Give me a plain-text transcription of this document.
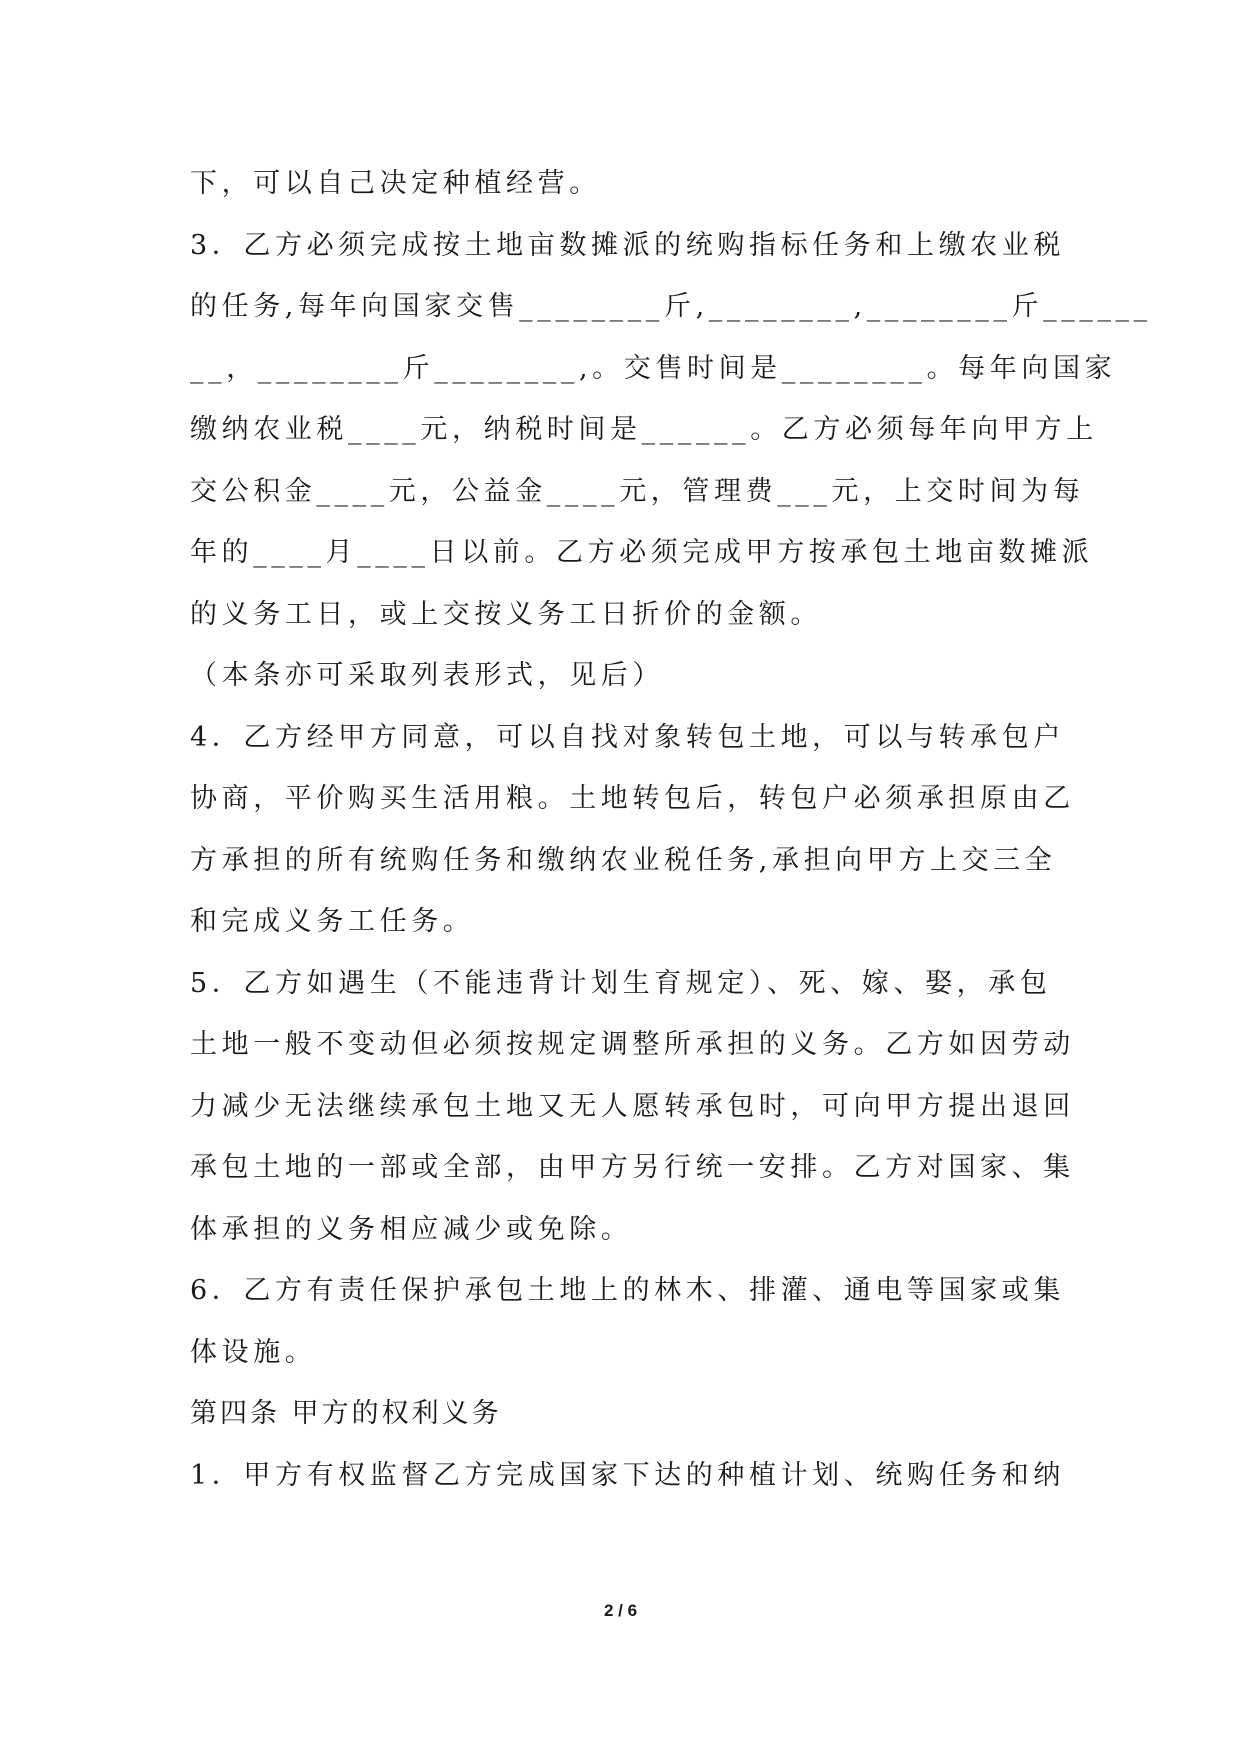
下，可以自己决定种植经营。
3．乙方必须完成按土地亩数摊派的统购指标任务和上缴农业税
的任务,每年向国家交售________斤,________,________斤______
__，________斤________,。交售时间是________。每年向国家
缴纳农业税____元，纳税时间是______。乙方必须每年向甲方上
交公积金____元，公益金____元，管理费___元，上交时间为每
年的____月____日以前。乙方必须完成甲方按承包土地亩数摊派
的义务工日，或上交按义务工日折价的金额。
（本条亦可采取列表形式，见后）
4．乙方经甲方同意，可以自找对象转包土地，可以与转承包户
协商，平价购买生活用粮。土地转包后，转包户必须承担原由乙
方承担的所有统购任务和缴纳农业税任务,承担向甲方上交三全
和完成义务工任务。
5．乙方如遇生（不能违背计划生育规定）、死、嫁、娶，承包
土地一般不变动但必须按规定调整所承担的义务。乙方如因劳动
力减少无法继续承包土地又无人愿转承包时，可向甲方提出退回
承包土地的一部或全部，由甲方另行统一安排。乙方对国家、集
体承担的义务相应减少或免除。
6．乙方有责任保护承包土地上的林木、排灌、通电等国家或集
体设施。
第四条 甲方的权利义务
1．甲方有权监督乙方完成国家下达的种植计划、统购任务和纳
2 / 6
